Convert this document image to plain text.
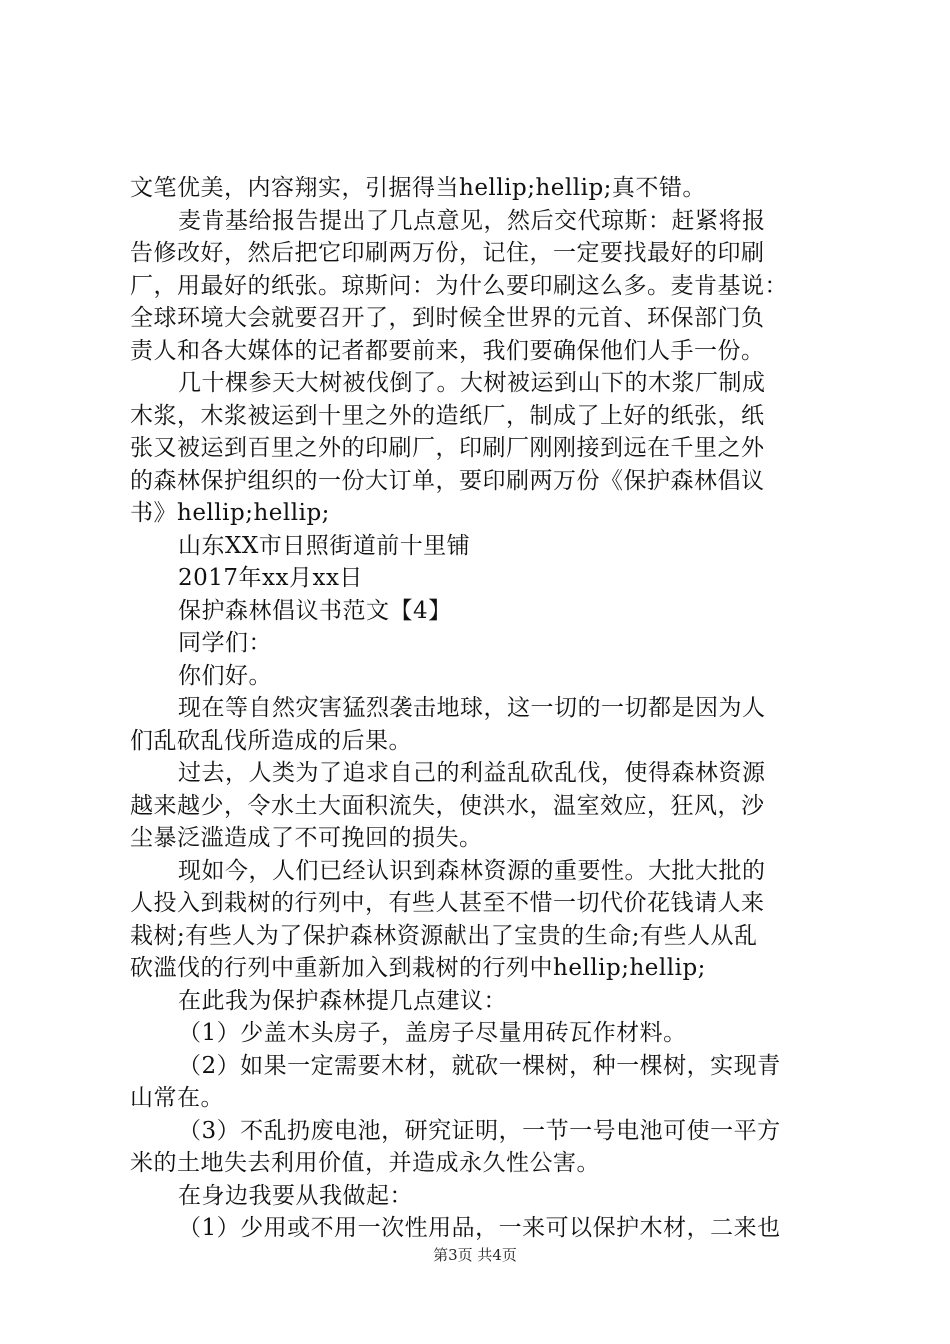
文笔优美，内容翔实，引据得当hellip;hellip;真不错。
麦肯基给报告提出了几点意见，然后交代琼斯：赶紧将报
告修改好，然后把它印刷两万份，记住，一定要找最好的印刷
厂，用最好的纸张。琼斯问：为什么要印刷这么多。麦肯基说：
全球环境大会就要召开了，到时候全世界的元首、环保部门负
责人和各大媒体的记者都要前来，我们要确保他们人手一份。
几十棵参天大树被伐倒了。大树被运到山下的木浆厂制成
木浆，木浆被运到十里之外的造纸厂，制成了上好的纸张，纸
张又被运到百里之外的印刷厂，印刷厂刚刚接到远在千里之外
的森林保护组织的一份大订单，要印刷两万份《保护森林倡议
书》hellip;hellip;
山东XX市日照街道前十里铺
2017年xx月xx日
保护森林倡议书范文【4】
同学们：
你们好。
现在等自然灾害猛烈袭击地球，这一切的一切都是因为人
们乱砍乱伐所造成的后果。
过去，人类为了追求自己的利益乱砍乱伐，使得森林资源
越来越少，令水土大面积流失，使洪水，温室效应，狂风，沙
尘暴泛滥造成了不可挽回的损失。
现如今，人们已经认识到森林资源的重要性。大批大批的
人投入到栽树的行列中，有些人甚至不惜一切代价花钱请人来
栽树;有些人为了保护森林资源献出了宝贵的生命;有些人从乱
砍滥伐的行列中重新加入到栽树的行列中hellip;hellip;
在此我为保护森林提几点建议：
（1）少盖木头房子，盖房子尽量用砖瓦作材料。
（2）如果一定需要木材，就砍一棵树，种一棵树，实现青
山常在。
（3）不乱扔废电池，研究证明，一节一号电池可使一平方
米的土地失去利用价值，并造成永久性公害。
在身边我要从我做起：
（1）少用或不用一次性用品，一来可以保护木材，二来也
第3页 共4页
